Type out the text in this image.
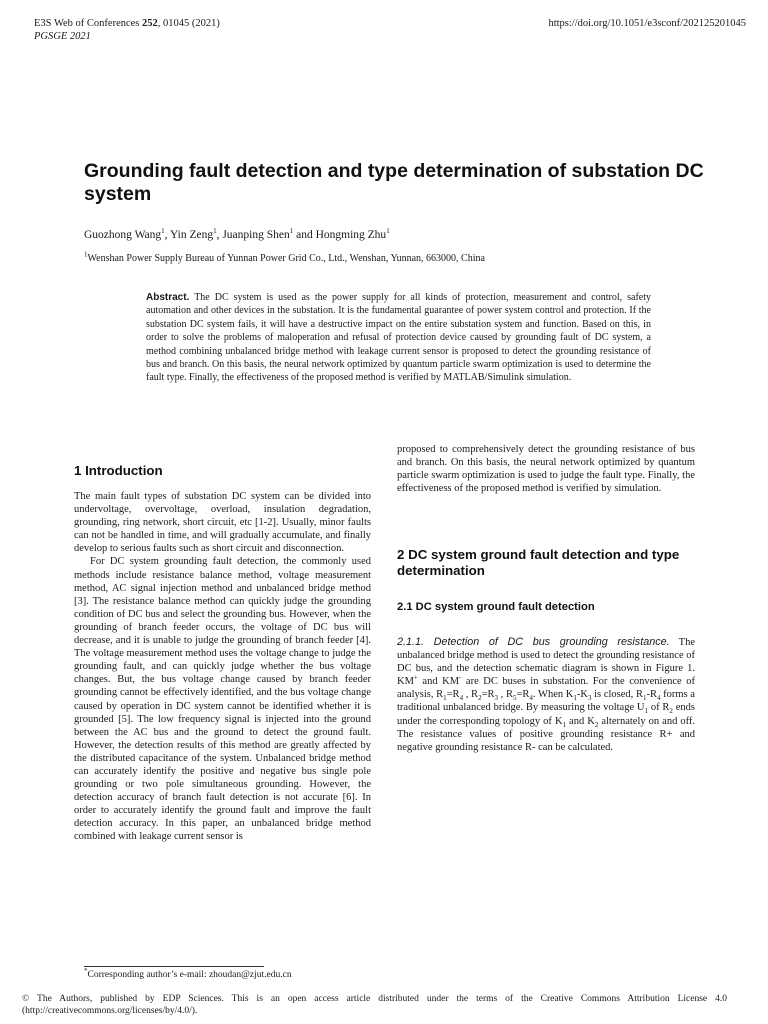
E3S Web of Conferences 252, 01045 (2021)
PGSGE 2021
https://doi.org/10.1051/e3sconf/202125201045
Grounding fault detection and type determination of substation DC system
Guozhong Wang$^1$, Yin Zeng$^1$, Juanping Shen$^1$ and Hongming Zhu$^1$
$^1$Wenshan Power Supply Bureau of Yunnan Power Grid Co., Ltd., Wenshan, Yunnan, 663000, China
Abstract. The DC system is used as the power supply for all kinds of protection, measurement and control, safety automation and other devices in the substation. It is the fundamental guarantee of power system control and protection. If the substation DC system fails, it will have a destructive impact on the entire substation system and function. Based on this, in order to solve the problems of maloperation and refusal of protection device caused by grounding fault of DC system, a method combining unbalanced bridge method with leakage current sensor is proposed to detect the grounding resistance of bus and branch. On this basis, the neural network optimized by quantum particle swarm optimization is used to determine the fault type. Finally, the effectiveness of the proposed method is verified by MATLAB/Simulink simulation.
1 Introduction

The main fault types of substation DC system can be divided into undervoltage, overvoltage, overload, insulation degradation, grounding, ring network, short circuit, etc [1-2]. Usually, minor faults can not be handled in time, and will gradually accumulate, and finally develop to serious faults such as short circuit and disconnection.

For DC system grounding fault detection, the commonly used methods include resistance balance method, voltage measurement method, AC signal injection method and unbalanced bridge method [3]. The resistance balance method can quickly judge the grounding condition of DC bus and select the grounding bus. However, when the grounding of branch feeder occurs, the voltage of DC bus will decrease, and it is unable to judge the grounding of branch feeder [4]. The voltage measurement method uses the voltage change to judge the grounding fault, and can quickly judge whether the bus voltage changes. But, the bus voltage change caused by branch feeder grounding cannot be effectively identified, and the bus voltage change caused by operation in DC system cannot be identified whether it is grounded [5]. The low frequency signal is injected into the ground between the AC bus and the ground to detect the ground fault. However, the detection results of this method are greatly affected by the distributed capacitance of the system. Unbalanced bridge method can accurately identify the positive and negative bus single pole grounding or two pole simultaneous grounding. However, the detection accuracy of branch fault detection is not accurate [6]. In order to accurately identify the ground fault and improve the fault detection accuracy. In this paper, an unbalanced bridge method combined with leakage current sensor is

proposed to comprehensively detect the grounding resistance of bus and branch. On this basis, the neural network optimized by quantum particle swarm optimization is used to judge the fault type. Finally, the effectiveness of the proposed method is verified by simulation.

2 DC system ground fault detection and type determination
2.1 DC system ground fault detection

2.1.1. Detection of DC bus grounding resistance. The unbalanced bridge method is used to detect the grounding resistance of DC bus, and the detection schematic diagram is shown in Figure 1. KM+ and KM- are DC buses in substation. For the convenience of analysis, $R_1=R_4$ , $R_2=R_3$ , $R_5=R_4$. When $K_1-K_3$ is closed, $R_1-R_4$ forms a traditional unbalanced bridge. By measuring the voltage $U_1$ of $R_2$ ends under the corresponding topology of $K_1$ and $K_2$ alternately on and off. The resistance values of positive grounding resistance R+ and negative grounding resistance R- can be calculated.

*Corresponding author’s e-mail: zhoudan@zjut.edu.cn
© The Authors, published by EDP Sciences. This is an open access article distributed under the terms of the Creative Commons Attribution License 4.0 (http://creativecommons.org/licenses/by/4.0/).
